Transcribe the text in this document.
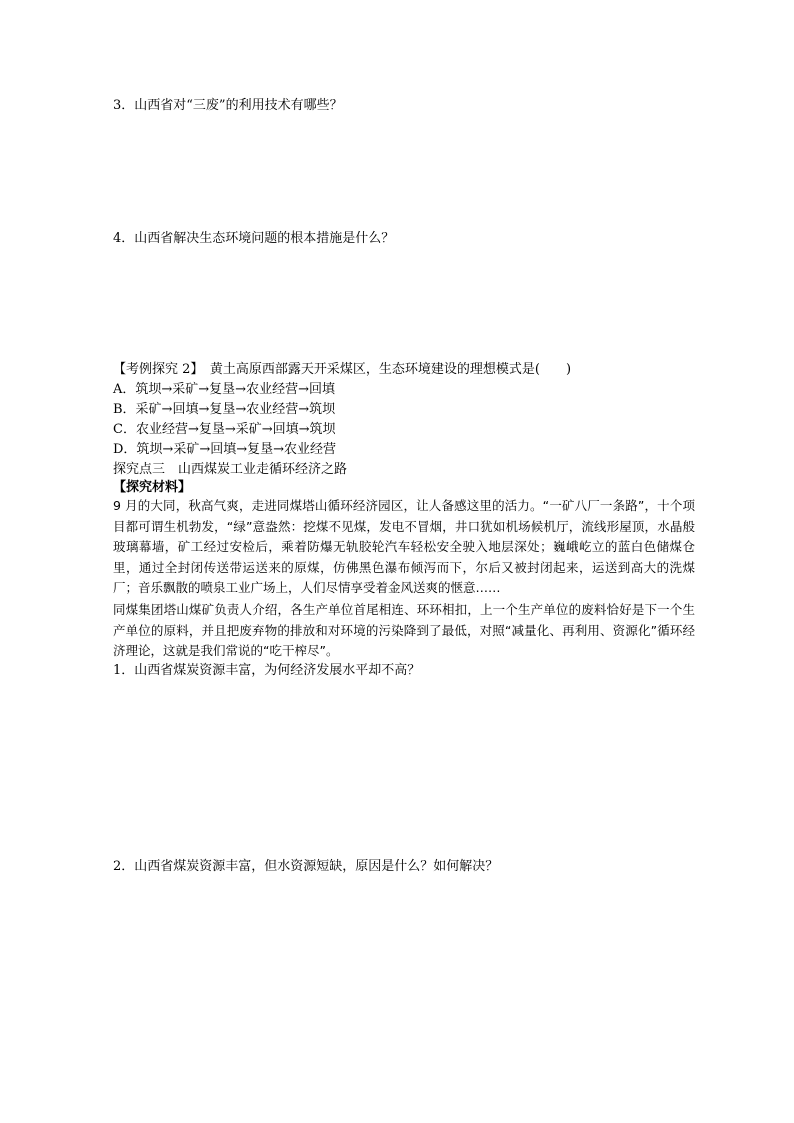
3．山西省对“三废”的利用技术有哪些？
4．山西省解决生态环境问题的根本措施是什么？
【考例探究 2】　黄土高原西部露天开采煤区，生态环境建设的理想模式是(　　)
A．筑坝→采矿→复垦→农业经营→回填
B．采矿→回填→复垦→农业经营→筑坝
C．农业经营→复垦→采矿→回填→筑坝
D．筑坝→采矿→回填→复垦→农业经营
探究点三　山西煤炭工业走循环经济之路
【探究材料】
9 月的大同，秋高气爽，走进同煤塔山循环经济园区，让人备感这里的活力。“一矿八厂一条路”，十个项目都可谓生机勃发，“绿”意盎然：挖煤不见煤，发电不冒烟，井口犹如机场候机厅，流线形屋顶，水晶般玻璃幕墙，矿工经过安检后，乘着防爆无轨胶轮汽车轻松安全驶入地层深处；巍峨屹立的蓝白色储煤仓里，通过全封闭传送带运送来的原煤，仿佛黑色瀑布倾泻而下，尔后又被封闭起来，运送到高大的洗煤厂；音乐飘散的喷泉工业广场上，人们尽情享受着金风送爽的惬意……
同煤集团塔山煤矿负责人介绍，各生产单位首尾相连、环环相扣，上一个生产单位的废料恰好是下一个生产单位的原料，并且把废弃物的排放和对环境的污染降到了最低，对照“减量化、再利用、资源化”循环经济理论，这就是我们常说的“吃干榨尽”。
1．山西省煤炭资源丰富，为何经济发展水平却不高？
2．山西省煤炭资源丰富，但水资源短缺，原因是什么？如何解决？
